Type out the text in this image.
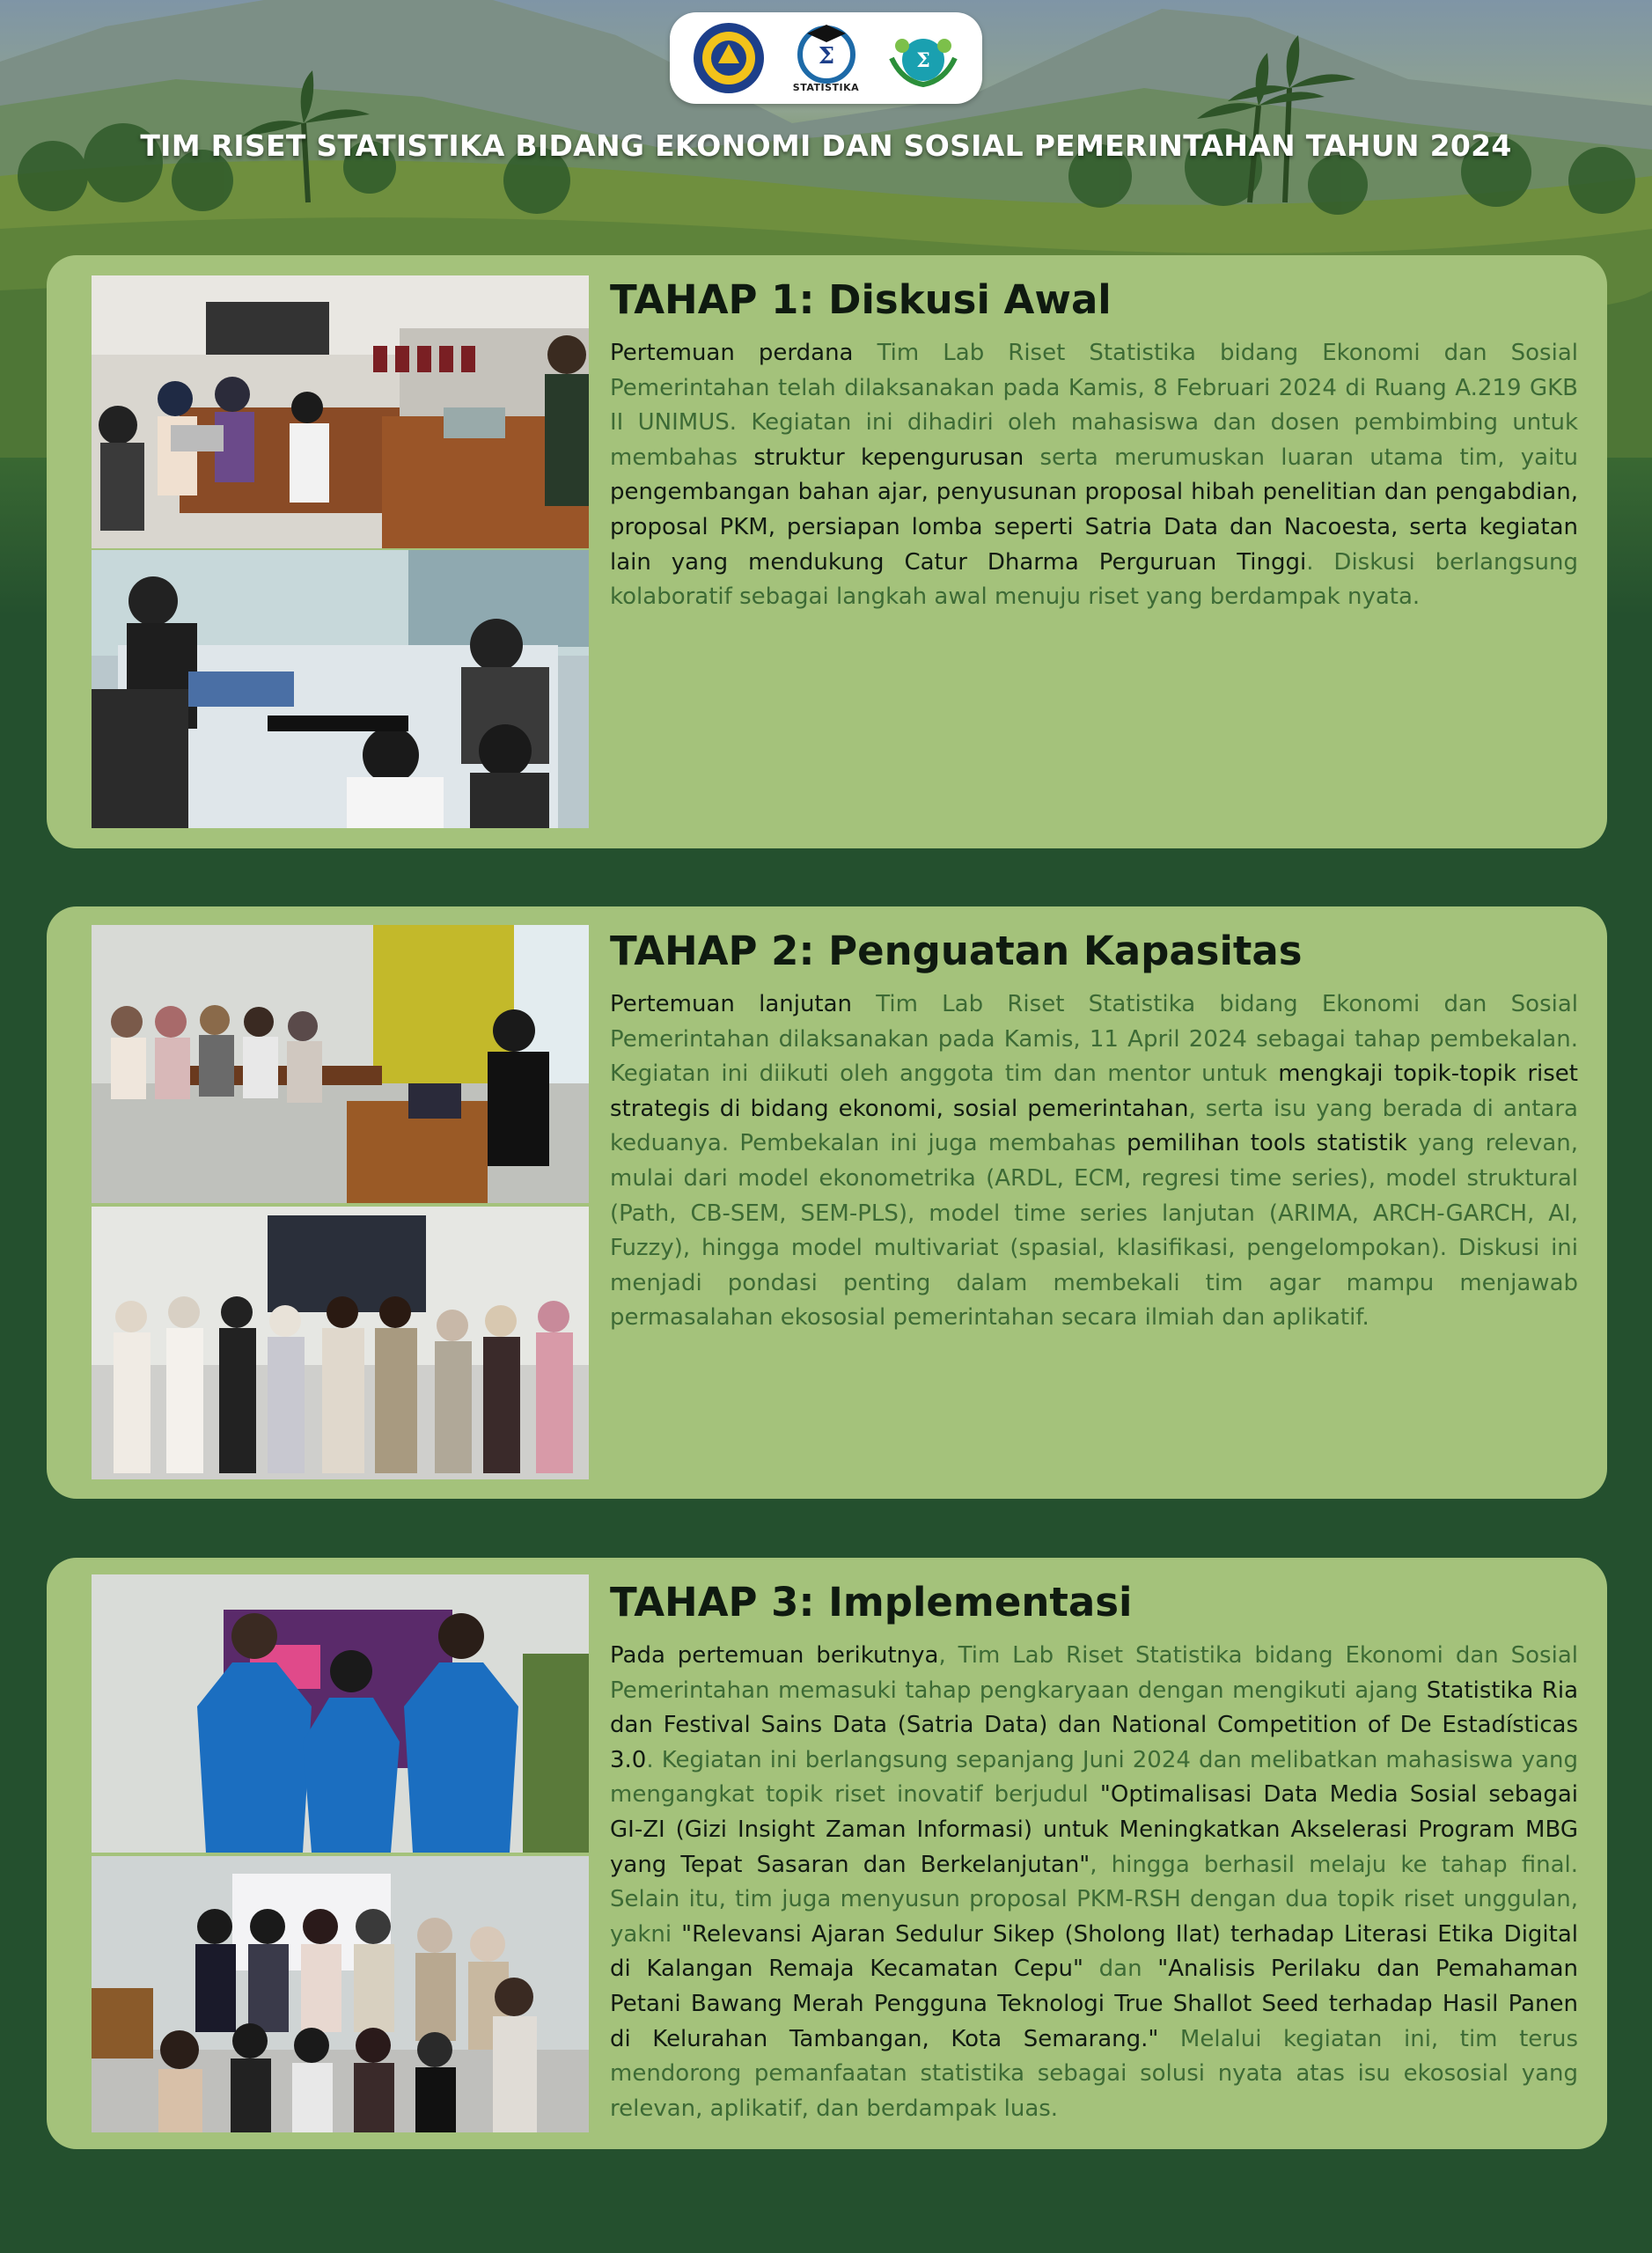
Σ
STATISTIKA
Σ
TIM RISET STATISTIKA BIDANG EKONOMI DAN SOSIAL PEMERINTAHAN TAHUN 2024
TAHAP 1: Diskusi Awal

Pertemuan perdana Tim Lab Riset Statistika bidang Ekonomi dan Sosial Pemerintahan telah dilaksanakan pada Kamis, 8 Februari 2024 di Ruang A.219 GKB II UNIMUS. Kegiatan ini dihadiri oleh mahasiswa dan dosen pembimbing untuk membahas struktur kepengurusan serta merumuskan luaran utama tim, yaitu pengembangan bahan ajar, penyusunan proposal hibah penelitian dan pengabdian, proposal PKM, persiapan lomba seperti Satria Data dan Nacoesta, serta kegiatan lain yang mendukung Catur Dharma Perguruan Tinggi. Diskusi berlangsung kolaboratif sebagai langkah awal menuju riset yang berdampak nyata.

TAHAP 2: Penguatan Kapasitas

Pertemuan lanjutan Tim Lab Riset Statistika bidang Ekonomi dan Sosial Pemerintahan dilaksanakan pada Kamis, 11 April 2024 sebagai tahap pembekalan. Kegiatan ini diikuti oleh anggota tim dan mentor untuk mengkaji topik-topik riset strategis di bidang ekonomi, sosial pemerintahan, serta isu yang berada di antara keduanya. Pembekalan ini juga membahas pemilihan tools statistik yang relevan, mulai dari model ekonometrika (ARDL, ECM, regresi time series), model struktural (Path, CB-SEM, SEM-PLS), model time series lanjutan (ARIMA, ARCH-GARCH, AI, Fuzzy), hingga model multivariat (spasial, klasifikasi, pengelompokan). Diskusi ini menjadi pondasi penting dalam membekali tim agar mampu menjawab permasalahan ekososial pemerintahan secara ilmiah dan aplikatif.

TAHAP 3: Implementasi

Pada pertemuan berikutnya, Tim Lab Riset Statistika bidang Ekonomi dan Sosial Pemerintahan memasuki tahap pengkaryaan dengan mengikuti ajang Statistika Ria dan Festival Sains Data (Satria Data) dan National Competition of De Estadísticas 3.0. Kegiatan ini berlangsung sepanjang Juni 2024 dan melibatkan mahasiswa yang mengangkat topik riset inovatif berjudul "Optimalisasi Data Media Sosial sebagai GI-ZI (Gizi Insight Zaman Informasi) untuk Meningkatkan Akselerasi Program MBG yang Tepat Sasaran dan Berkelanjutan", hingga berhasil melaju ke tahap final. Selain itu, tim juga menyusun proposal PKM-RSH dengan dua topik riset unggulan, yakni "Relevansi Ajaran Sedulur Sikep (Sholong Ilat) terhadap Literasi Etika Digital di Kalangan Remaja Kecamatan Cepu" dan "Analisis Perilaku dan Pemahaman Petani Bawang Merah Pengguna Teknologi True Shallot Seed terhadap Hasil Panen di Kelurahan Tambangan, Kota Semarang." Melalui kegiatan ini, tim terus mendorong pemanfaatan statistika sebagai solusi nyata atas isu ekososial yang relevan, aplikatif, dan berdampak luas.
